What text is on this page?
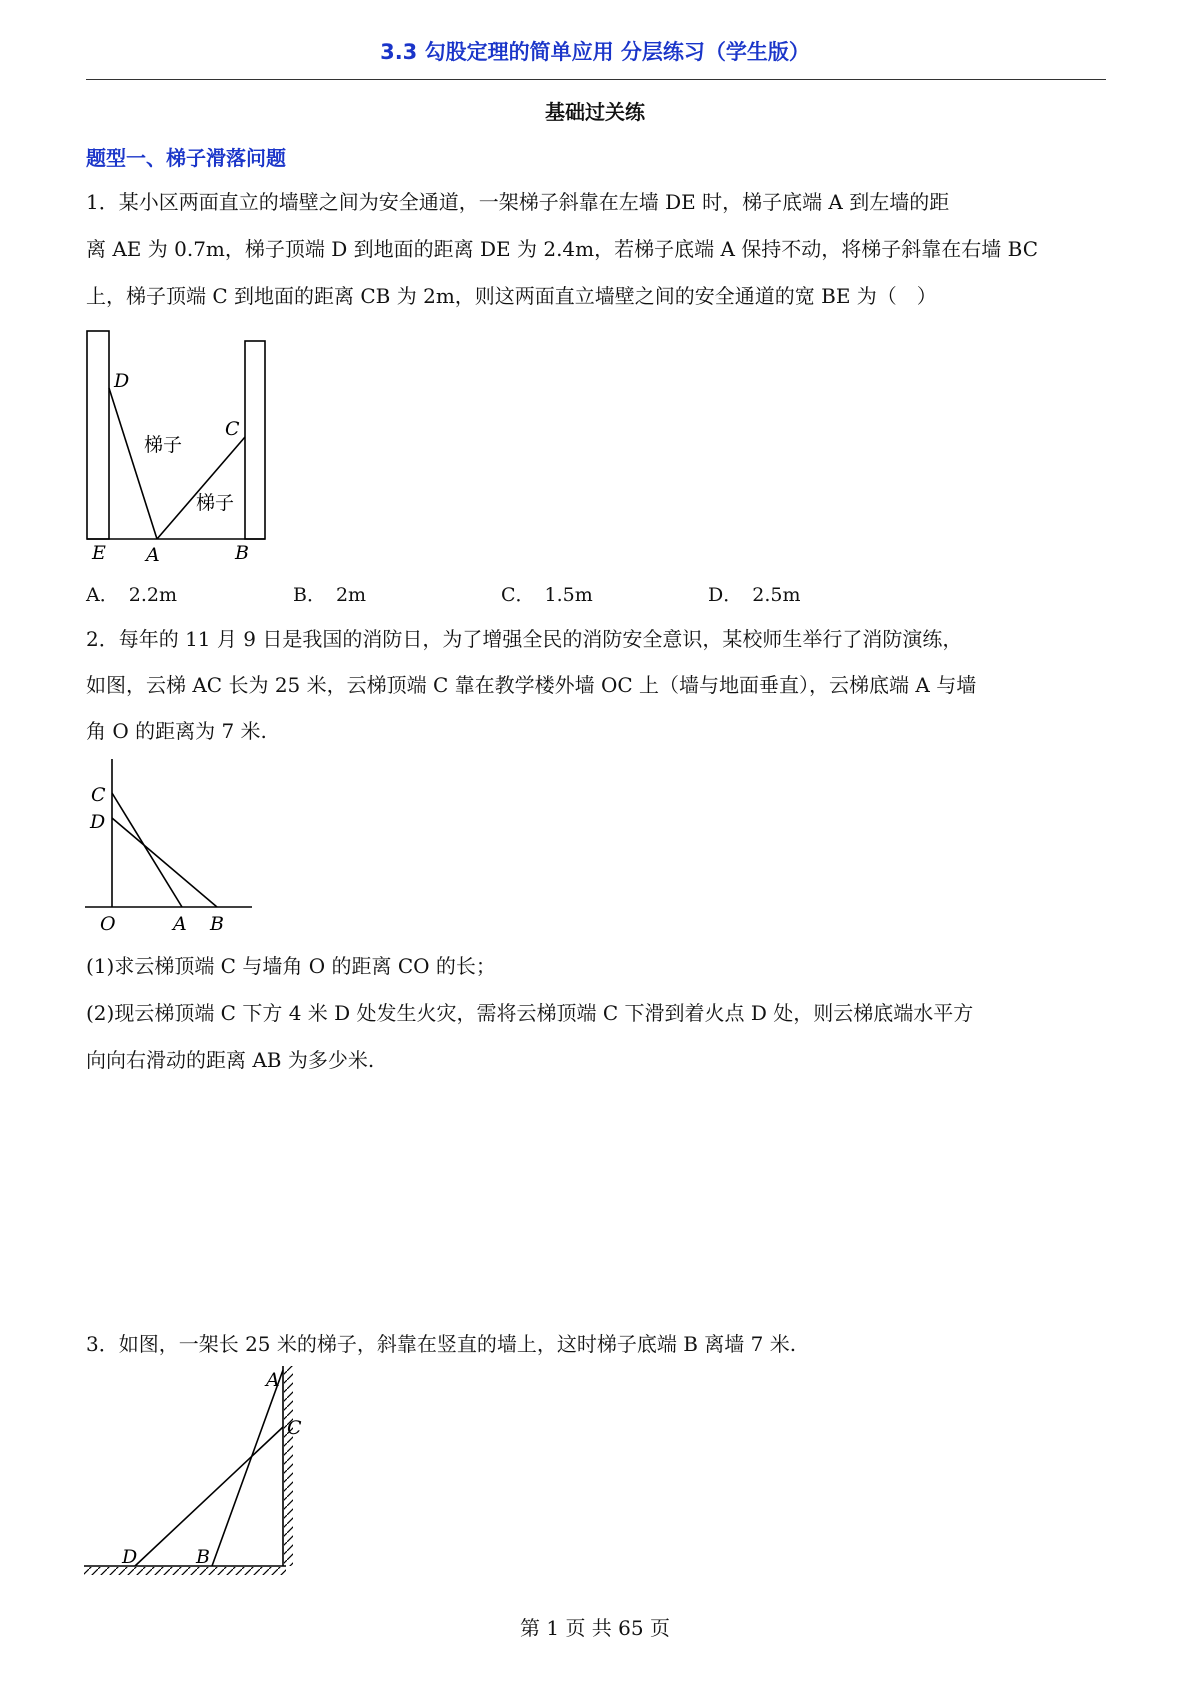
3.3 勾股定理的简单应用 分层练习（学生版）
基础过关练
题型一、梯子滑落问题
1．某小区两面直立的墙壁之间为安全通道，一架梯子斜靠在左墙 DE 时，梯子底端 A 到左墙的距
离 AE 为 0.7m，梯子顶端 D 到地面的距离 DE 为 2.4m，若梯子底端 A 保持不动，将梯子斜靠在右墙 BC
上，梯子顶端 C 到地面的距离 CB 为 2m，则这两面直立墙壁之间的安全通道的宽 BE 为（　）
D
C
梯子
梯子
E A	B
A． 2.2m	B． 2m	C． 1.5m	D． 2.5m
2．每年的 11 月 9 日是我国的消防日，为了增强全民的消防安全意识，某校师生举行了消防演练，
如图，云梯 AC 长为 25 米，云梯顶端 C 靠在教学楼外墙 OC 上（墙与地面垂直），云梯底端 A 与墙
角 O 的距离为 7 米.
C
D
O	A B
(1)求云梯顶端 C 与墙角 O 的距离 CO 的长；
(2)现云梯顶端 C 下方 4 米 D 处发生火灾，需将云梯顶端 C 下滑到着火点 D 处，则云梯底端水平方
向向右滑动的距离 AB 为多少米.
3．如图，一架长 25 米的梯子，斜靠在竖直的墙上，这时梯子底端 B 离墙 7 米.
A
C
D	B
第 1 页 共 65 页
